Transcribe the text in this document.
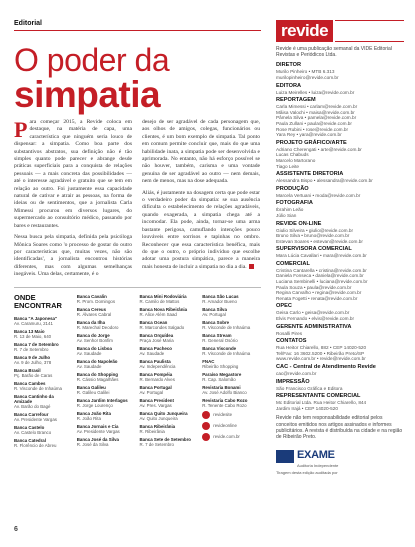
Editorial
O poder da
simpatia

Para começar 2015, a Revide coloca em destaque, na matéria de capa, uma característica que ninguém seria louco de dispensar: a simpatia. Como boa parte dos substantivos abstratos, sua definição não é tão simples quanto pode parecer e abrange desde práticas superficiais para a conquista de relações pessoais — a mais concreta das possibilidades — até o interesse agradável e gratuito que se tem em relação ao outro. Foi justamente essa capacidade natural de cativar e atrair as pessoas, na forma de ideias ou de sentimentos, que a jornalista Carla Mimessi procurou em diversos lugares, do supermercado ao consultório médico, passando por bares e restaurantes.

Nessa busca pela simpatia, definida pela psicóloga Mônica Soares como 'o processo de gostar do outro por características que, muitas vezes, não são identificadas', a jornalista encontrou histórias diferentes, mas com algumas semelhanças inegáveis. Uma delas, certamente, é o

desejo de ser agradável de cada personagem que, aos olhos de amigos, colegas, funcionários ou clientes, é um bom exemplo de simpatia. Tal ponto em comum permite concluir que, mais do que uma habilidade inata, a simpatia pode ser desenvolvida e aprimorada. No entanto, não há esforço possível se não houver, também, carisma e uma vontade genuína de ser agradável ao outro — nem demais, nem de menos, mas na dose adequada.

Aliás, é justamente na dosagem certa que pode estar o verdadeiro poder da simpatia: se sua ausência dificulta o estabelecimento de relações agradáveis, quando exagerada, a simpatia chega até a incomodar. Ela pode, ainda, tornar-se uma arma bastante perigosa, camuflando intenções pouco louváveis entre sorrisos e tapinhas no ombro. Reconhecer que essa característica benéfica, mais do que o outro, o próprio indivíduo que escolhe adotar uma postura simpática, parece a maneira mais honesta de incluir a simpatia no dia a dia.

ONDE ENCONTRAR
Banca "A Japonesa"
Av. Caramuru, 2141
Banca 13 Maio
R. 13 de Maio, 640
Banca 7 de Setembro
R. 7 de Setembro
Banca 9 de Julho
Av. 9 de Julho, 378
Banca Brasil
Pç. Barão de Caras
Banca Cambes
R. Visconde de Inhaúma
Banca Cantinho da Amizade
Av. Barão do Bagé
Banca Carrefour
Av. Presidente Vargas
Banca Castelo
Av. Castelo Branco
Banca Catedral
R. Florêncio de Abreu
Banca Cavalin
R. Prom. Domingos
Banca Cereus
R. Álvares Cabral
Banca da Ilha
R. Marechal Deodoro
Banca do Jorge
Av. Senhor Bonfim
Banca do Lisboa
Av. Saudade
Banca do Napoleão
Av. Saudade
Banca do Shopping
R. Cássio Magalhães
Banca Galileu
R. Galileu Galilei
Banca Jardim Interlagos
R. Jorge Lourenço
Banca João Rita
R. João Rita
Banca Jornais e Cia
Av. Presidente Vargas
Banca José da Silva
R. José da Silva
Banca Mini Rodoviária
R. Camilo de Mattos
Banca Nova Ribeirânia
R. Alice Além Saad
Banca Ocean
R. Marcondes Salgado
Banca Orquídea
Praça José Maria
Banca Pacheco
Av. Saudade
Banca Paulista
Av. Independência
Banca Pompéia
R. Bernardo Alves
Banca Portugal
Av. Portugal
Banca President
Av. Pres. Vargas
Banca Quito Junqueira
Av. Quito Junqueira
Banca Ribeirânia
R. Ribeirânia
Banca Sete de Setembro
R. 7 de Setembro
Banca São Lucas
R. Amador Bueno
Banca Silva
Av. Portugal
Banca Sobre
R. Visconde de Inhaúma
Banca Stream
R. General Osório
Banca Visconde
R. Visconde de Inhaúma
FNAC
Ribeirão Shopping
Paraíso Megastore
R. Cap. Salomão
Revistaria Bonami
Av. José Adolfo Bianco
Revistaria Cabo Rozo
R. Tenente Cabo Rozo
revidesite
revideonline
revide.com.br
6
revide
Revide é uma publicação semanal da VIDE Editorial Revistas e Periódicos Ltda.
DIRETOR
Murilo Pinheiro • MTB 6.313
murilopinheiro@revide.com.br
EDITORA
Luiza Meirelles • luiza@revide.com.br
REPORTAGEM
Carla Mimessi • carlam@revide.com.br
Mâisa Valochi • maisa@revide.com.br
Pâmela Silva • pamela@revide.com.br
Paula Zullani • paula@revide.com.br
Rose Rubini • rose@revide.com.br
Yara Rey • yara@revide.com.br
PROJETO GRÁFICO/ARTE
Adriano Cherengati • arte@revide.com.br
Lucas Chabuds
Marcelo Martorano
Tiago Leite
ASSISTENTE DIRETORIA
Alessandra Bispo • alessandra@revide.com.br
PRODUÇÃO
Marcela Vertuani • moda@revide.com.br
FOTOGRAFIA
Ibrahim Leão
Júlio Sian
REVIDE ON-LINE
Giulio Silveira • giulio@revide.com.br
Bruno Silva • bruno@revide.com.br
Estevan Soares • estevan@revide.com.br
SUPERVISORA COMERCIAL
Mara Lúcia Cavallari • mara@revide.com.br
COMERCIAL
Cristina Cantarella • cristina@revide.com.br
Daniela Fonseca • daniela@revide.com.br
Luciana Sembinelli • luciana@revide.com.br
Paula Souza • paula@revide.com.br
Regina Carvalho • regina@revide.com.br
Renata Fogetti • renata@revide.com.br
OPEC
Geisa Carlo • geisa@revide.com.br
Elvis Fernando • elvis@revide.com.br
GERENTE ADMINISTRATIVA
Rosalli Pires
CONTATOS
Rua Heitor Chiarello, 882 • CEP 14020-520
Tel/Fax: 16 3602.5200 • Ribeirão Preto/SP
www.revide.com.br • revide@revide.com.br
CAC - Central de Atendimento Revide
cac@revide.com.br
IMPRESSÃO
São Francisco Gráfica e Editora
REPRESENTANTE COMERCIAL
Mc Editorial Ltda. Rua Heitor Chiarello, 844
Jardim Irajá • CEP 14020-520
Revide não tem responsabilidade editorial pelos conceitos emitidos nos artigos assinados e informes publicitários. A revista é distribuída na cidade e na região de Ribeirão Preto.
EXAME
Auditoria Independente
Tiragem desta edição auditada por
